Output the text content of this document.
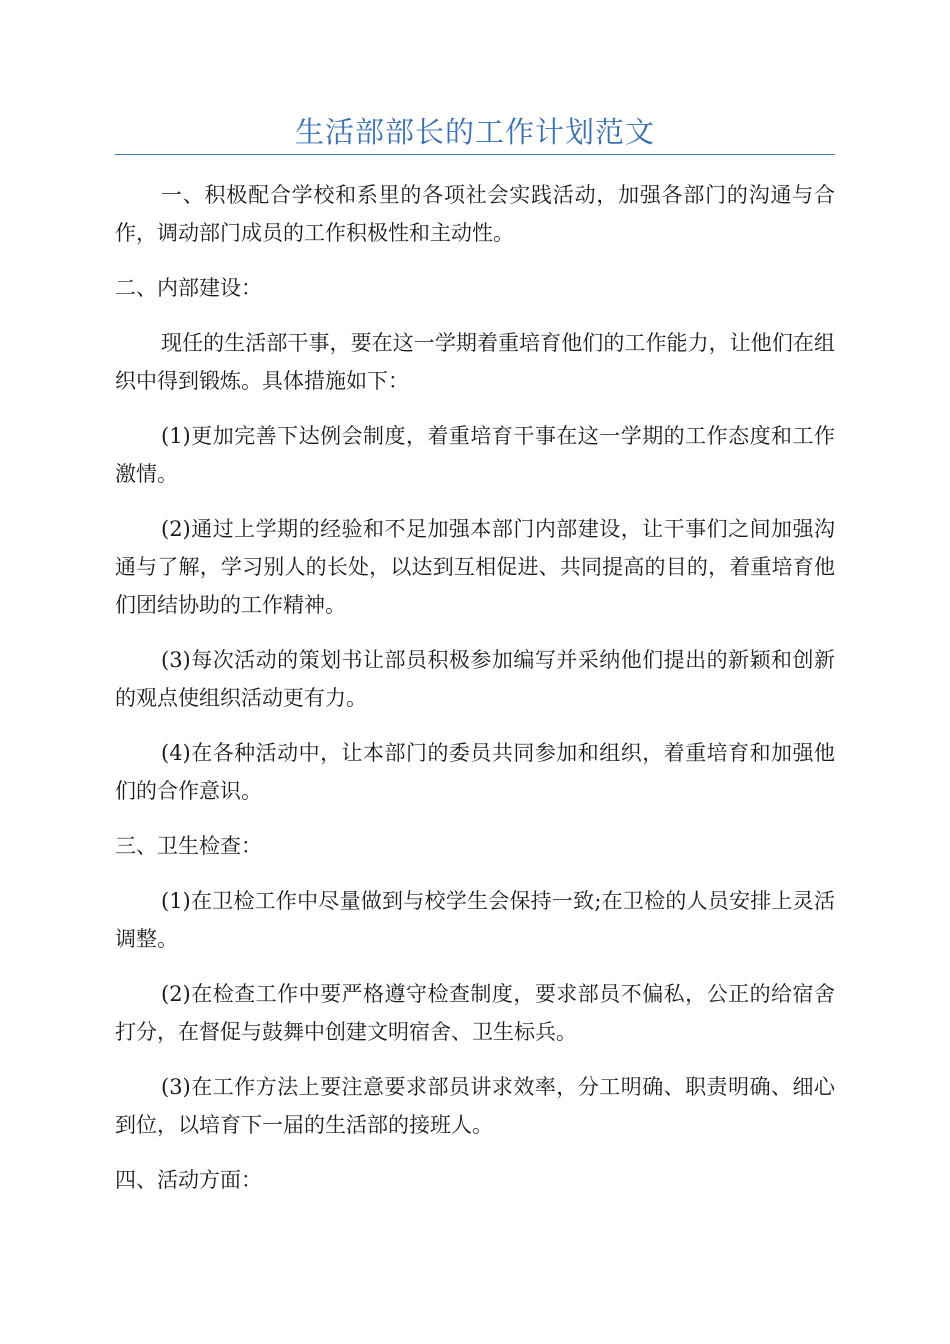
生活部部长的工作计划范文

一、积极配合学校和系里的各项社会实践活动，加强各部门的沟通与合作，调动部门成员的工作积极性和主动性。

二、内部建设：

现任的生活部干事，要在这一学期着重培育他们的工作能力，让他们在组织中得到锻炼。具体措施如下：

(1)更加完善下达例会制度，着重培育干事在这一学期的工作态度和工作激情。

(2)通过上学期的经验和不足加强本部门内部建设，让干事们之间加强沟通与了解，学习别人的长处，以达到互相促进、共同提高的目的，着重培育他们团结协助的工作精神。

(3)每次活动的策划书让部员积极参加编写并采纳他们提出的新颖和创新的观点使组织活动更有力。

(4)在各种活动中，让本部门的委员共同参加和组织，着重培育和加强他们的合作意识。

三、卫生检查：

(1)在卫检工作中尽量做到与校学生会保持一致;在卫检的人员安排上灵活调整。

(2)在检查工作中要严格遵守检查制度，要求部员不偏私，公正的给宿舍打分，在督促与鼓舞中创建文明宿舍、卫生标兵。

(3)在工作方法上要注意要求部员讲求效率，分工明确、职责明确、细心到位，以培育下一届的生活部的接班人。

四、活动方面：
